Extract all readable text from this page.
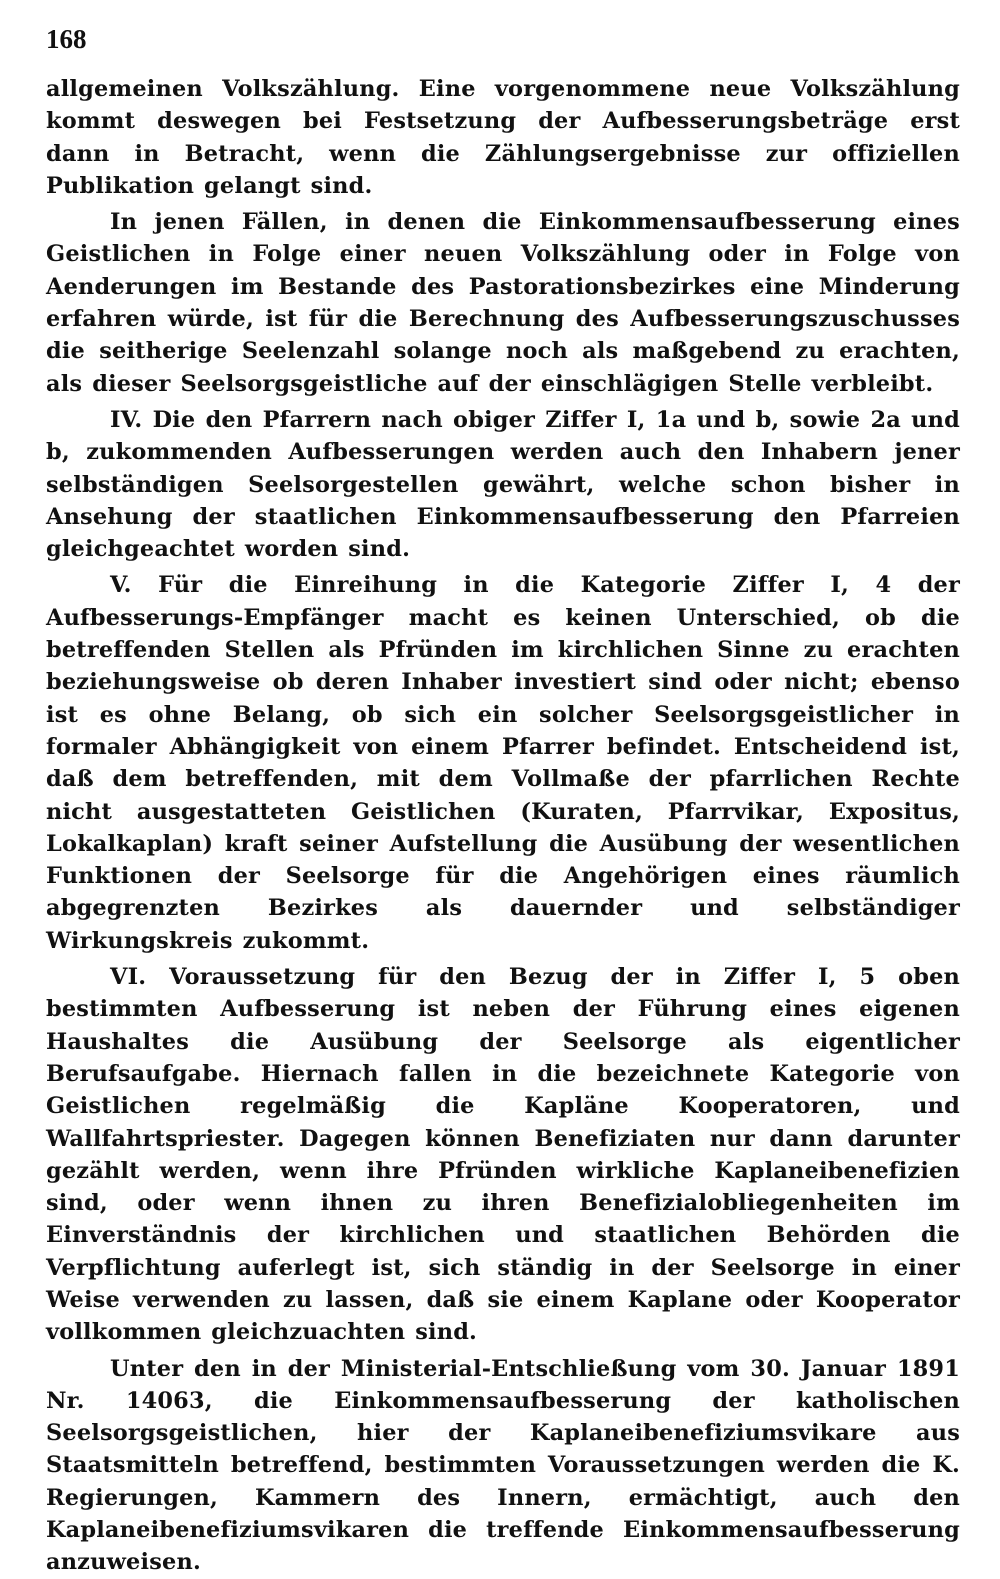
168

allgemeinen Volkszählung. Eine vorgenommene neue Volkszählung kommt deswegen bei Festsetzung der Aufbesserungsbeträge erst dann in Betracht, wenn die Zählungsergebnisse zur offiziellen Publikation gelangt sind.

In jenen Fällen, in denen die Einkommensaufbesserung eines Geistlichen in Folge einer neuen Volkszählung oder in Folge von Aenderungen im Bestande des Pastorationsbezirkes eine Minderung erfahren würde, ist für die Berechnung des Aufbesserungszuschusses die seitherige Seelenzahl solange noch als maßgebend zu erachten, als dieser Seelsorgsgeistliche auf der einschlägigen Stelle verbleibt.

IV. Die den Pfarrern nach obiger Ziffer I, 1a und b, sowie 2a und b, zukommenden Aufbesserungen werden auch den Inhabern jener selbständigen Seelsorgestellen gewährt, welche schon bisher in Ansehung der staatlichen Einkommensaufbesserung den Pfarreien gleichgeachtet worden sind.

V. Für die Einreihung in die Kategorie Ziffer I, 4 der Aufbesserungs-Empfänger macht es keinen Unterschied, ob die betreffenden Stellen als Pfründen im kirchlichen Sinne zu erachten beziehungsweise ob deren Inhaber investiert sind oder nicht; ebenso ist es ohne Belang, ob sich ein solcher Seelsorgsgeistlicher in formaler Abhängigkeit von einem Pfarrer befindet. Entscheidend ist, daß dem betreffenden, mit dem Vollmaße der pfarrlichen Rechte nicht ausgestatteten Geistlichen (Kuraten, Pfarrvikar, Expositus, Lokalkaplan) kraft seiner Aufstellung die Ausübung der wesentlichen Funktionen der Seelsorge für die Angehörigen eines räumlich abgegrenzten Bezirkes als dauernder und selbständiger Wirkungskreis zukommt.

VI. Voraussetzung für den Bezug der in Ziffer I, 5 oben bestimmten Aufbesserung ist neben der Führung eines eigenen Haushaltes die Ausübung der Seelsorge als eigentlicher Berufsaufgabe. Hiernach fallen in die bezeichnete Kategorie von Geistlichen regelmäßig die Kapläne Kooperatoren, und Wallfahrtspriester. Dagegen können Benefiziaten nur dann darunter gezählt werden, wenn ihre Pfründen wirkliche Kaplaneibenefizien sind, oder wenn ihnen zu ihren Benefizialobliegenheiten im Einverständnis der kirchlichen und staatlichen Behörden die Verpflichtung auferlegt ist, sich ständig in der Seelsorge in einer Weise verwenden zu lassen, daß sie einem Kaplane oder Kooperator vollkommen gleichzuachten sind.

Unter den in der Ministerial-Entschließung vom 30. Januar 1891 Nr. 14063, die Einkommensaufbesserung der katholischen Seelsorgsgeistlichen, hier der Kaplaneibenefiziumsvikare aus Staatsmitteln betreffend, bestimmten Voraussetzungen werden die K. Regierungen, Kammern des Innern, ermächtigt, auch den Kaplaneibenefiziumsvikaren die treffende Einkommensaufbesserung anzuweisen.
